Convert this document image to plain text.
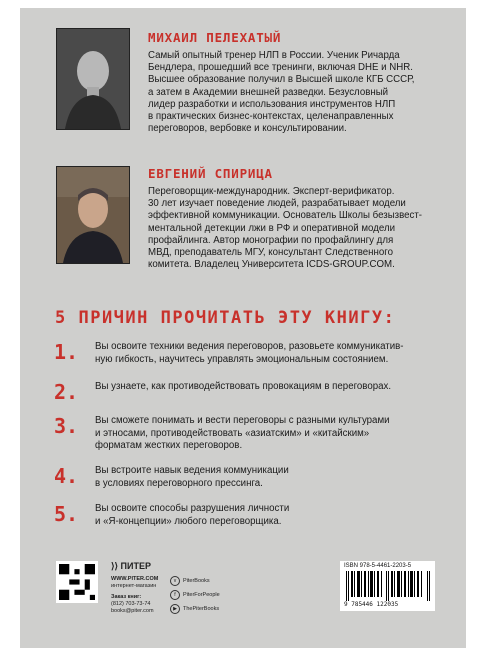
МИХАИЛ ПЕЛЕХАТЫЙ
Самый опытный тренер НЛП в России. Ученик Ричарда
Бендлера, прошедший все тренинги, включая DHE и NHR.
Высшее образование получил в Высшей школе КГБ СССР,
а затем в Академии внешней разведки. Безусловный
лидер разработки и использования инструментов НЛП
в практических бизнес-контекстах, целенаправленных
переговоров, вербовке и консультировании.
ЕВГЕНИЙ СПИРИЦА
Переговорщик-международник. Эксперт-верификатор.
30 лет изучает поведение людей, разрабатывает модели
эффективной коммуникации. Основатель Школы безызвест-
ментальной детекции лжи в РФ и оперативной модели
профайлинга. Автор монографии по профайлингу для
МВД, преподаватель МГУ, консультант Следственного
комитета. Владелец Университета ICDS-GROUP.COM.
5 ПРИЧИН ПРОЧИТАТЬ ЭТУ КНИГУ:
1. Вы освоите техники ведения переговоров, разовьете коммуникатив-
ную гибкость, научитесь управлять эмоциональным состоянием.
2. Вы узнаете, как противодействовать провокациям в переговорах.
3. Вы сможете понимать и вести переговоры с разными культурами
и этносами, противодействовать «азиатским» и «китайским»
форматам жестких переговоров.
4. Вы встроите навык ведения коммуникации
в условиях переговорного прессинга.
5. Вы освоите способы разрушения личности
и «Я-концепции» любого переговорщика.
⟩⟩ ПИТЕР
WWW.PITER.COM
интернет-магазин
Заказ книг:
(812) 703-73-74
books@piter.com
v	PiterBooks
f	PiterForPeople
▶	ThePiterBooks
ISBN 978-5-4461-2203-5
9 785446 122035
